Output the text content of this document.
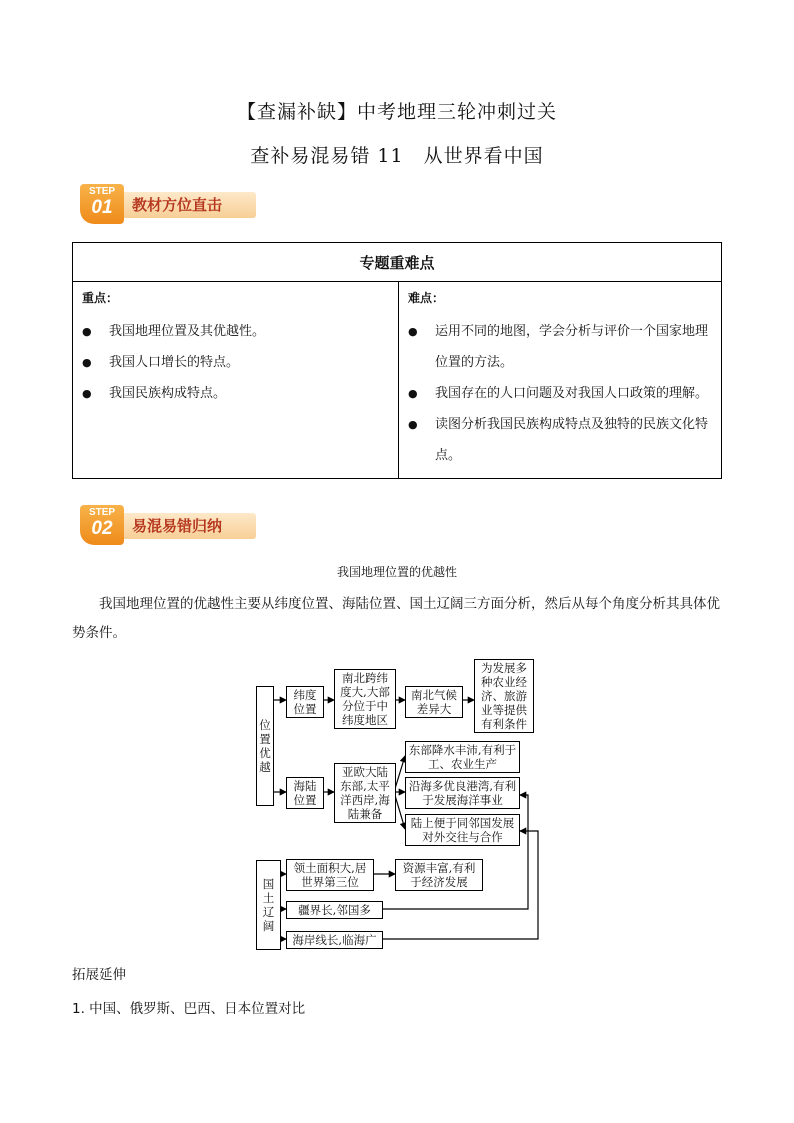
【查漏补缺】中考地理三轮冲刺过关
查补易混易错 11　从世界看中国
STEP
01	教材方位直击
专题重难点

重点：
● 我国地理位置及其优越性。
● 我国人口增长的特点。
● 我国民族构成特点。

难点：
● 运用不同的地图，学会分析与评价一个国家地理位置的方法。
● 我国存在的人口问题及对我国人口政策的理解。
● 读图分析我国民族构成特点及独特的民族文化特点。
STEP
02	易混易错归纳
我国地理位置的优越性
我国地理位置的优越性主要从纬度位置、海陆位置、国土辽阔三方面分析，然后从每个角度分析其具体优势条件。
位置优越
纬度位置
南北跨纬度大,大部分位于中纬度地区
南北气候差异大
为发展多种农业经济、旅游业等提供有利条件
海陆位置
亚欧大陆东部,太平洋西岸,海陆兼备
东部降水丰沛,有利于工、农业生产
沿海多优良港湾,有利于发展海洋事业
陆上便于同邻国发展对外交往与合作
国土辽阔
领土面积大,居世界第三位
资源丰富,有利于经济发展
疆界长,邻国多
海岸线长,临海广
拓展延伸
1. 中国、俄罗斯、巴西、日本位置对比
